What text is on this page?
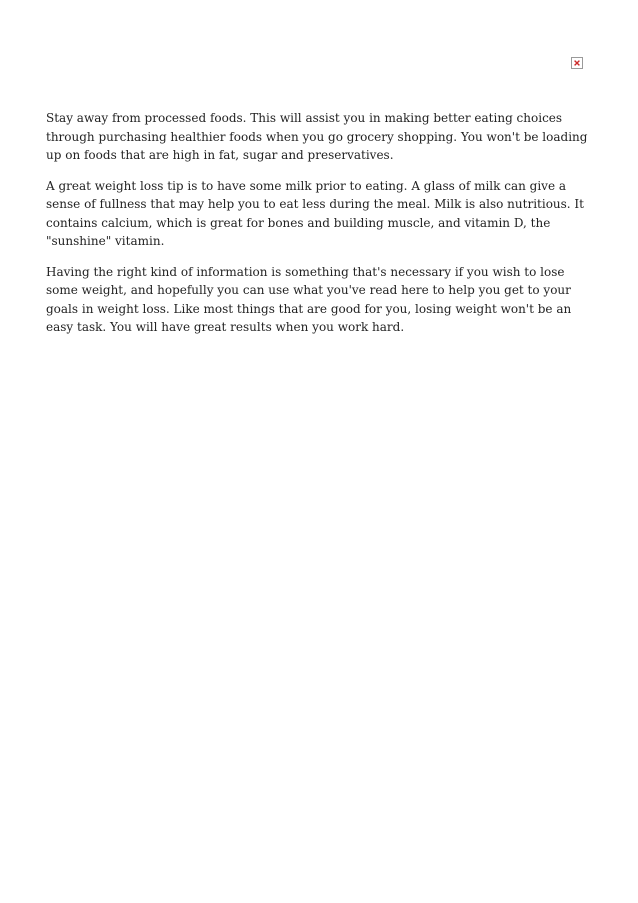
Stay away from processed foods. This will assist you in making better eating choices through purchasing healthier foods when you go grocery shopping. You won't be loading up on foods that are high in fat, sugar and preservatives.

A great weight loss tip is to have some milk prior to eating. A glass of milk can give a sense of fullness that may help you to eat less during the meal. Milk is also nutritious. It contains calcium, which is great for bones and building muscle, and vitamin D, the "sunshine" vitamin.

Having the right kind of information is something that's necessary if you wish to lose some weight, and hopefully you can use what you've read here to help you get to your goals in weight loss. Like most things that are good for you, losing weight won't be an easy task. You will have great results when you work hard.
